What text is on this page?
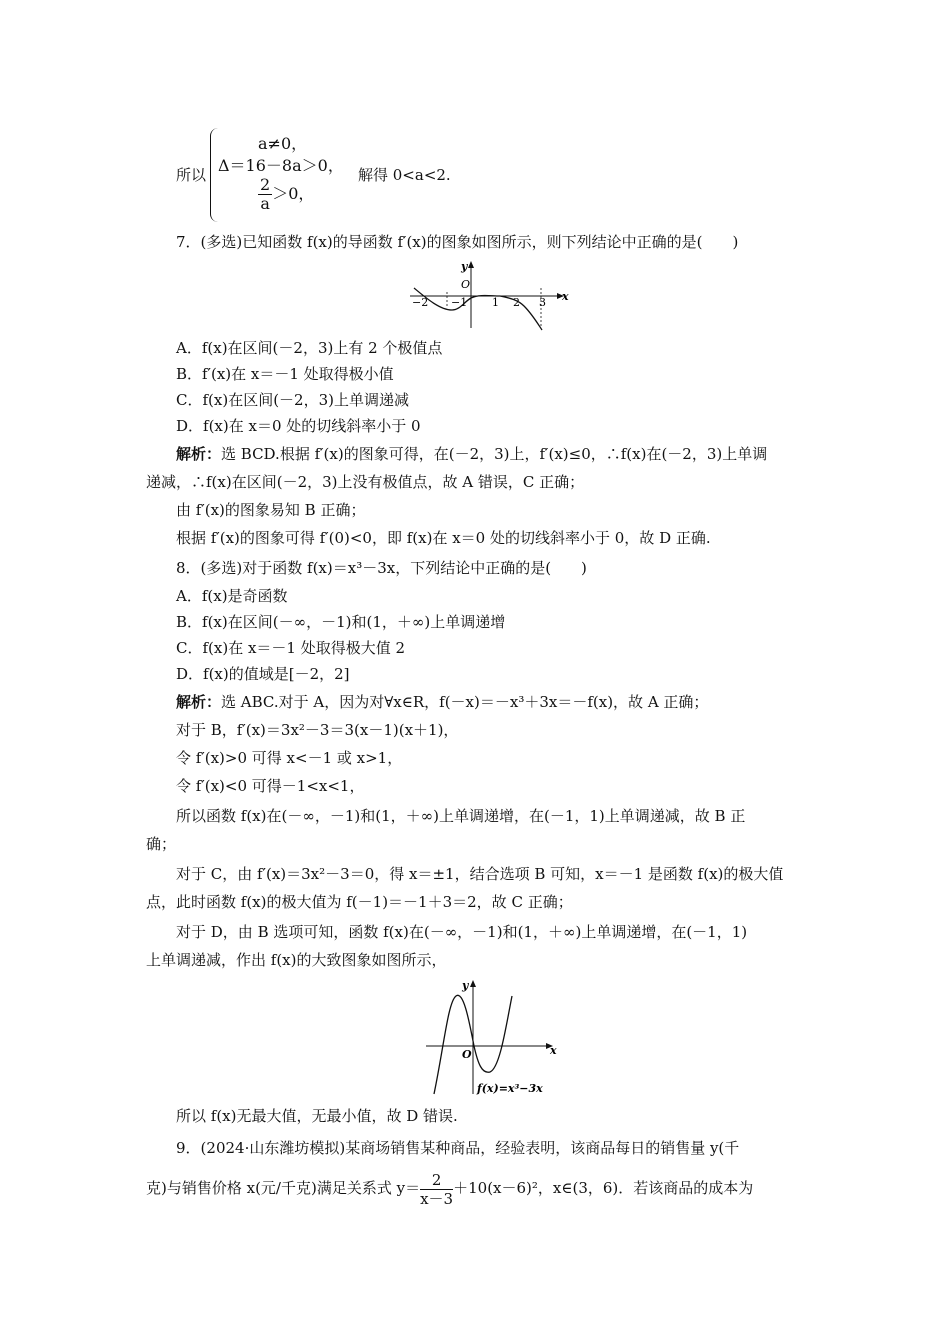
所以
a≠0，
Δ＝16－8a＞0，
$\frac{2}{a} >0$，
解得 0<a<2.
7．(多选)已知函数 f(x)的导函数 f′(x)的图象如图所示，则下列结论中正确的是(　　)
y
O
x
−2 −1 1 2 3
A．f(x)在区间(－2，3)上有 2 个极值点
B．f′(x)在 x＝－1 处取得极小值
C．f(x)在区间(－2，3)上单调递减
D．f(x)在 x＝0 处的切线斜率小于 0
解析：选 BCD.根据 f′(x)的图象可得，在(－2，3)上，f′(x)≤0，∴f(x)在(－2，3)上单调
递减，∴f(x)在区间(－2，3)上没有极值点，故 A 错误，C 正确；
由 f′(x)的图象易知 B 正确；
根据 f′(x)的图象可得 f′(0)<0，即 f(x)在 x＝0 处的切线斜率小于 0，故 D 正确.
8．(多选)对于函数 f(x)＝x³－3x，下列结论中正确的是(　　)
A．f(x)是奇函数
B．f(x)在区间(－∞，－1)和(1，＋∞)上单调递增
C．f(x)在 x＝－1 处取得极大值 2
D．f(x)的值域是[－2，2]
解析：选 ABC.对于 A，因为对∀x∈R，f(－x)＝－x³＋3x＝－f(x)，故 A 正确；
对于 B，f′(x)＝3x²－3＝3(x－1)(x＋1)，
令 f′(x)>0 可得 x<－1 或 x>1，
令 f′(x)<0 可得－1<x<1，
所以函数 f(x)在(－∞，－1)和(1，＋∞)上单调递增，在(－1，1)上单调递减，故 B 正
确；
对于 C，由 f′(x)＝3x²－3＝0，得 x＝±1，结合选项 B 可知，x＝－1 是函数 f(x)的极大值
点，此时函数 f(x)的极大值为 f(－1)＝－1＋3＝2，故 C 正确；
对于 D，由 B 选项可知，函数 f(x)在(－∞，－1)和(1，＋∞)上单调递增，在(－1，1)
上单调递减，作出 f(x)的大致图象如图所示，
y
O	x
f(x)=x³−3x
所以 f(x)无最大值，无最小值，故 D 错误.
9．(2024·山东潍坊模拟)某商场销售某种商品，经验表明，该商品每日的销售量 y(千
克)与销售价格 x(元/千克)满足关系式 $y= \frac{2}{x-3} +10(x-6)^2$，x∈(3，6)．若该商品的成本为
